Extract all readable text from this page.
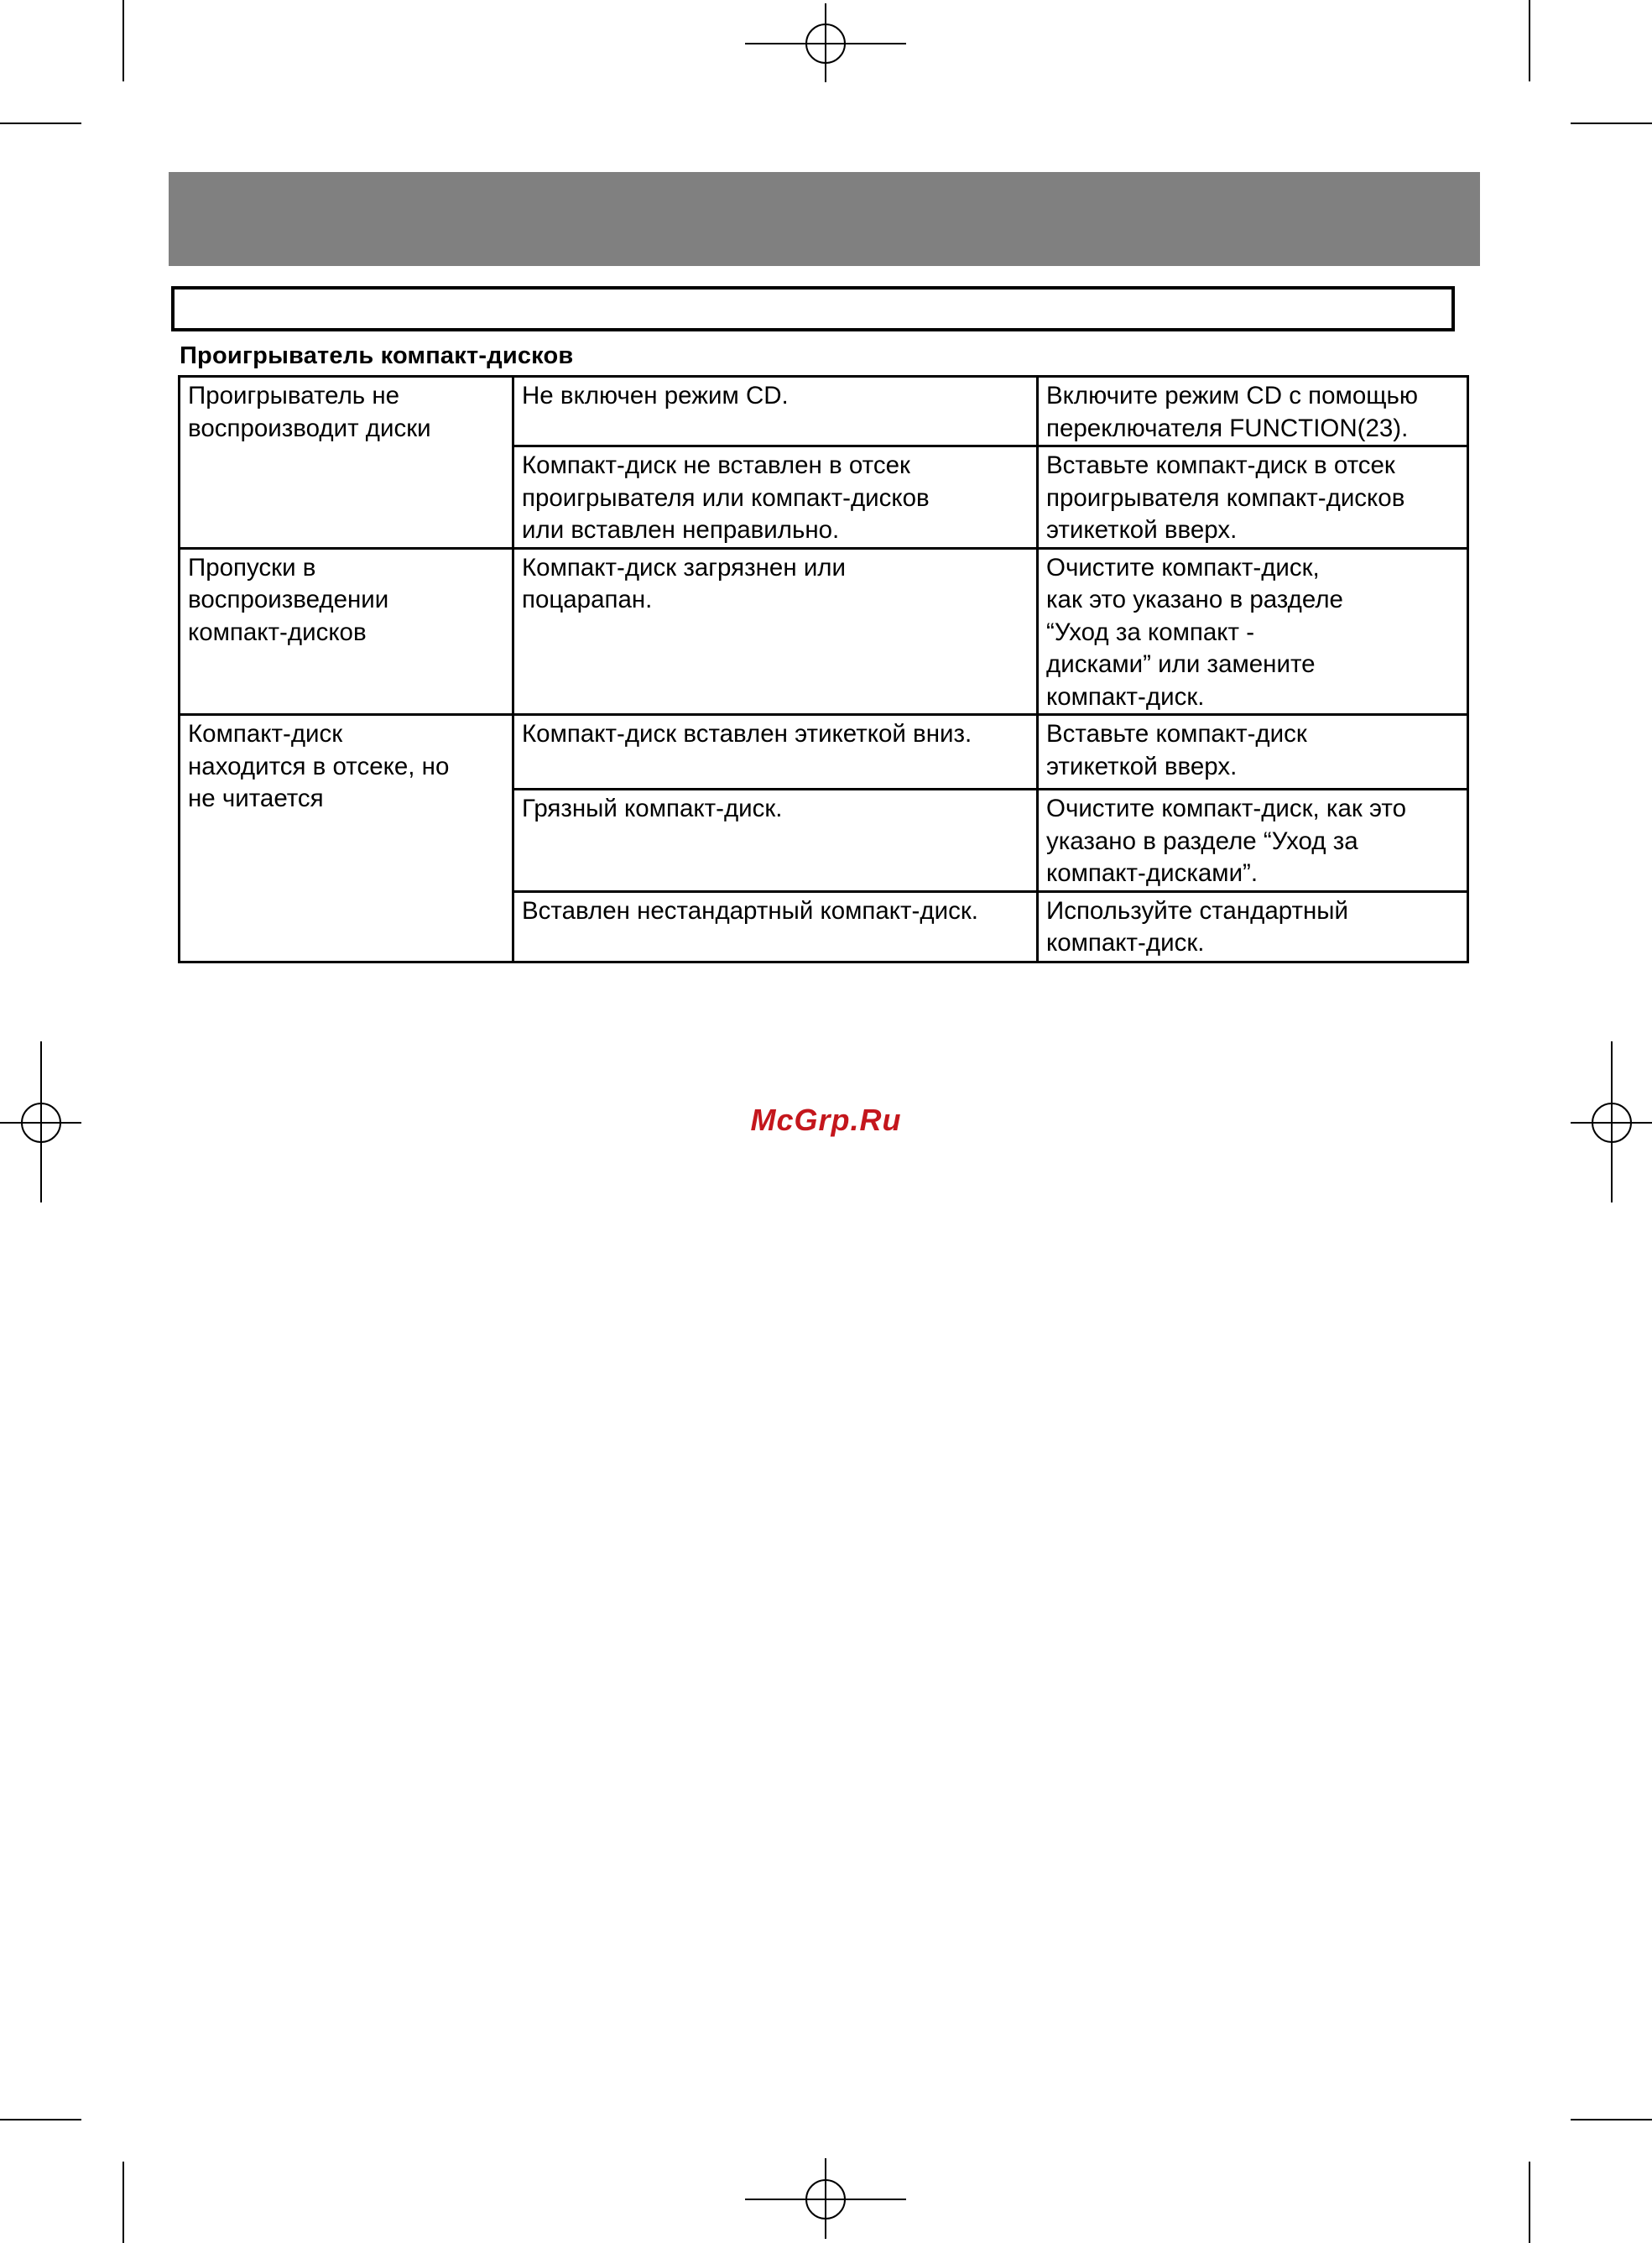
Проигрыватель компакт-дисков
Проигрыватель не
воспроизводит диски	Не включен режим CD.	Включите режим CD с помощью
переключателя FUNCTION(23).

	Компакт-диск не вставлен в отсек
проигрывателя или компакт-дисков
или вставлен неправильно.	Вставьте компакт-диск в отсек
проигрывателя компакт-дисков
этикеткой вверх.

Пропуски в
воспроизведении
компакт-дисков	Компакт-диск загрязнен или
поцарапан.	Очистите компакт-диск,
как это указано в разделе
“Уход за компакт -
дисками” или замените
компакт-диск.

Компакт-диск
находится в отсеке, но
не читается	Компакт-диск вставлен этикеткой вниз.	Вставьте компакт-диск
этикеткой вверх.

	Грязный компакт-диск.	Очистите компакт-диск, как это
указано в разделе “Уход за
компакт-дисками”.

	Вставлен нестандартный компакт-диск.	Используйте стандартный
компакт-диск.
McGrp.Ru
